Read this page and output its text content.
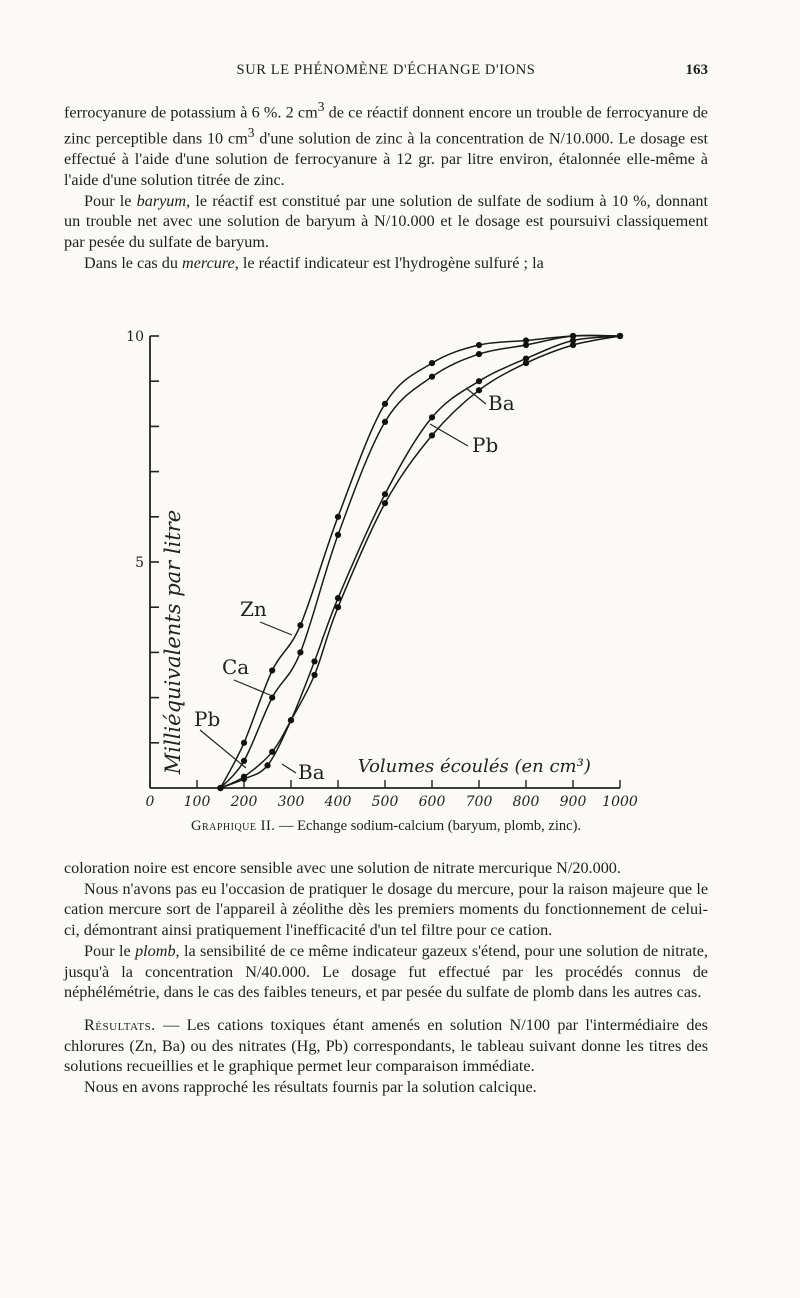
SUR LE PHÉNOMÈNE D'ÉCHANGE D'IONS	163

ferrocyanure de potassium à 6 %. 2 $cm^3$ de ce réactif donnent encore un trouble de ferrocyanure de zinc perceptible dans 10 $cm^3$ d'une solution de zinc à la concentration de N/10.000. Le dosage est effectué à l'aide d'une solution de ferrocyanure à 12 gr. par litre environ, étalonnée elle-même à l'aide d'une solution titrée de zinc.

Pour le baryum, le réactif est constitué par une solution de sulfate de sodium à 10 %, donnant un trouble net avec une solution de baryum à N/10.000 et le dosage est poursuivi classiquement par pesée du sulfate de baryum.

Dans le cas du mercure, le réactif indicateur est l'hydrogène sulfuré ; la

5
10
0 100 200 300 400 500 600 700 800 900 1000
Milliéquivalents par litre	Volumes écoulés (en cm³)
Zn
Ca
Pb
Ba
Ba
Pb
Graphique II. — Echange sodium-calcium (baryum, plomb, zinc).

coloration noire est encore sensible avec une solution de nitrate mercurique N/20.000.

Nous n'avons pas eu l'occasion de pratiquer le dosage du mercure, pour la raison majeure que le cation mercure sort de l'appareil à zéolithe dès les premiers moments du fonctionnement de celui-ci, démontrant ainsi pratiquement l'inefficacité d'un tel filtre pour ce cation.

Pour le plomb, la sensibilité de ce même indicateur gazeux s'étend, pour une solution de nitrate, jusqu'à la concentration N/40.000. Le dosage fut effectué par les procédés connus de néphélémétrie, dans le cas des faibles teneurs, et par pesée du sulfate de plomb dans les autres cas.

Résultats. — Les cations toxiques étant amenés en solution N/100 par l'intermédiaire des chlorures (Zn, Ba) ou des nitrates (Hg, Pb) correspondants, le tableau suivant donne les titres des solutions recueillies et le graphique permet leur comparaison immédiate.

Nous en avons rapproché les résultats fournis par la solution calcique.
